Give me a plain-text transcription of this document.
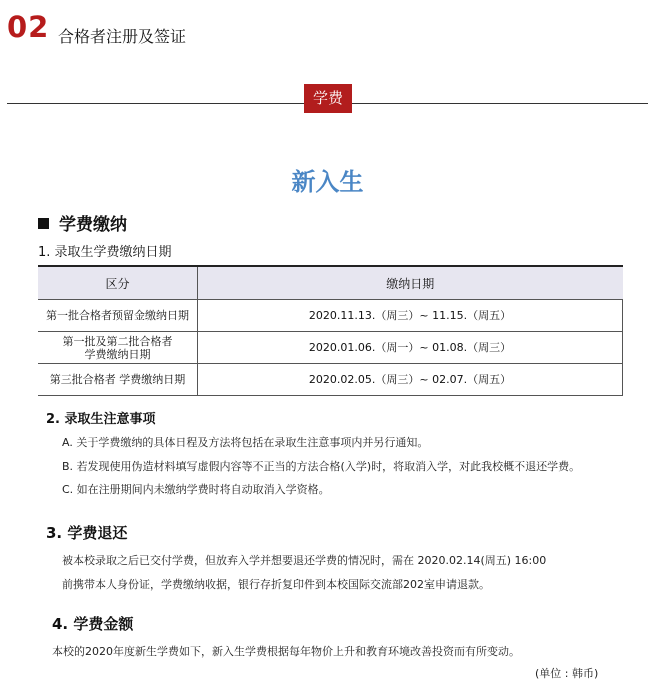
02 合格者注册及签证
学费
新入生
学费缴纳
1. 录取生学费缴纳日期
区分	缴纳日期
第一批合格者预留金缴纳日期	2020.11.13.（周三）~ 11.15.（周五）

第一批及第二批合格者
学费缴纳日期	2020.01.06.（周一）~ 01.08.（周三）
第三批合格者 学费缴纳日期	2020.02.05.（周三）~ 02.07.（周五）
2. 录取生注意事项
A. 关于学费缴纳的具体日程及方法将包括在录取生注意事项内并另行通知。
B. 若发现使用伪造材料填写虚假内容等不正当的方法合格(入学)时，将取消入学，对此我校概不退还学费。
C. 如在注册期间内未缴纳学费时将自动取消入学资格。
3. 学费退还
被本校录取之后已交付学费，但放弃入学并想要退还学费的情况时，需在 2020.02.14(周五) 16:00
前携带本人身份证，学费缴纳收据，银行存折复印件到本校国际交流部202室申请退款。
4. 学费金额
本校的2020年度新生学费如下，新入生学费根据每年物价上升和教育环境改善投资而有所变动。
(单位 : 韩币)
